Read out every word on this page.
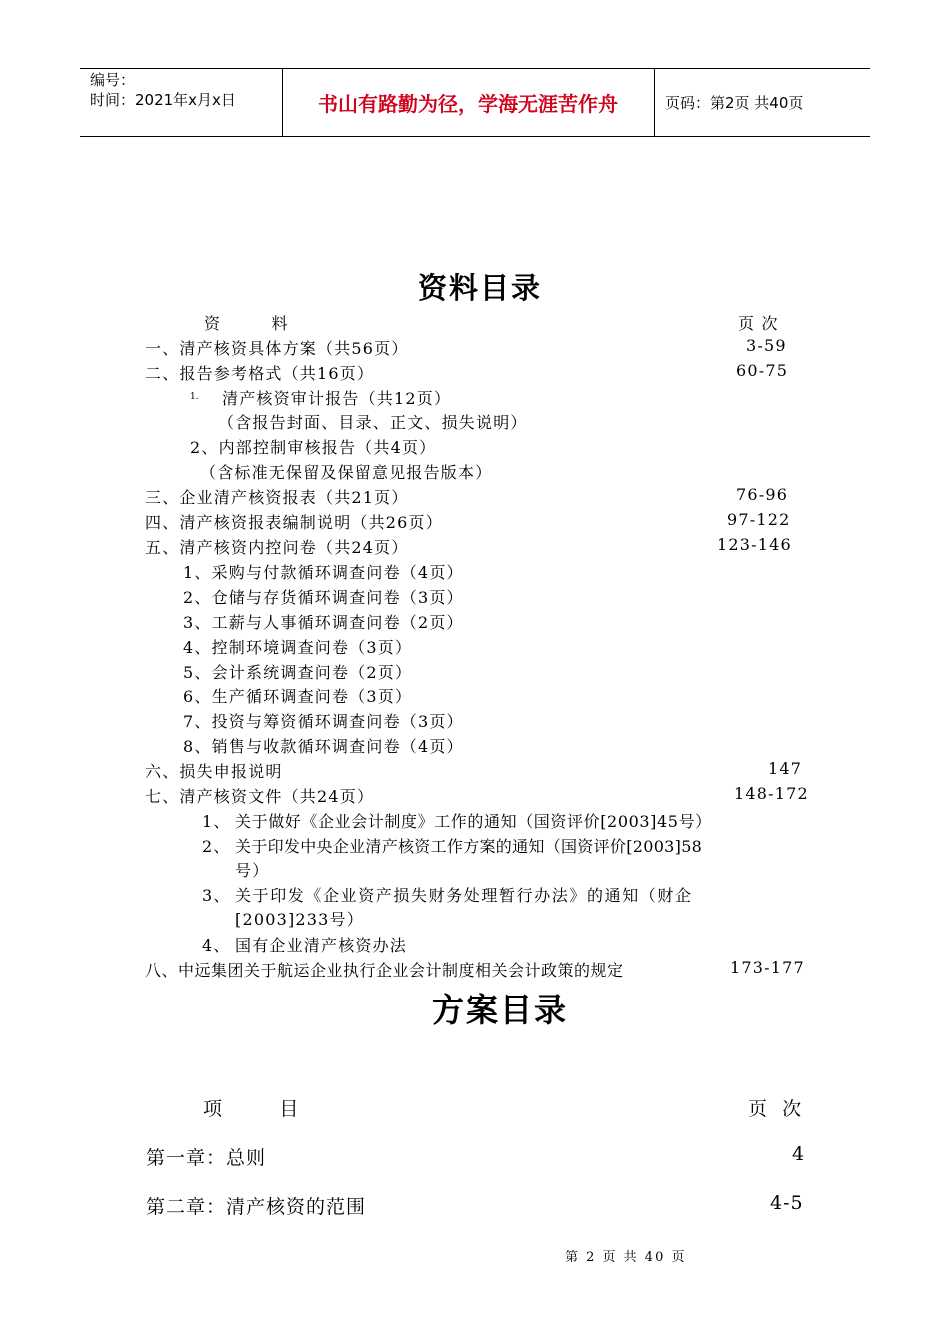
编号：
时间：2021年x月x日	书山有路勤为径，学海无涯苦作舟	页码：第2页 共40页
资料目录
资        料	页 次
一、清产核资具体方案（共56页）	3-59
二、报告参考格式（共16页）	60-75
1. 清产核资审计报告（共12页）
（含报告封面、目录、正文、损失说明）
2、内部控制审核报告（共4页）
（含标准无保留及保留意见报告版本）
三、企业清产核资报表（共21页）	76-96
四、清产核资报表编制说明（共26页）	97-122
五、清产核资内控问卷（共24页）	123-146
1、采购与付款循环调查问卷（4页）
2、仓储与存货循环调查问卷（3页）
3、工薪与人事循环调查问卷（2页）
4、控制环境调查问卷（3页）
5、会计系统调查问卷（2页）
6、生产循环调查问卷（3页）
7、投资与筹资循环调查问卷（3页）
8、销售与收款循环调查问卷（4页）
六、损失申报说明	147
七、清产核资文件（共24页）	148-172
1、 关于做好《企业会计制度》工作的通知（国资评价[2003]45号）
2、 关于印发中央企业清产核资工作方案的通知（国资评价[2003]58
号）
3、 关于印发《企业资产损失财务处理暂行办法》的通知（财企
[2003]233号）
4、 国有企业清产核资办法
八、中远集团关于航运企业执行企业会计制度相关会计政策的规定	173-177
方案目录
项        目	页  次
第一章：总则	4
第二章：清产核资的范围	4-5
第 2 页 共 40 页
